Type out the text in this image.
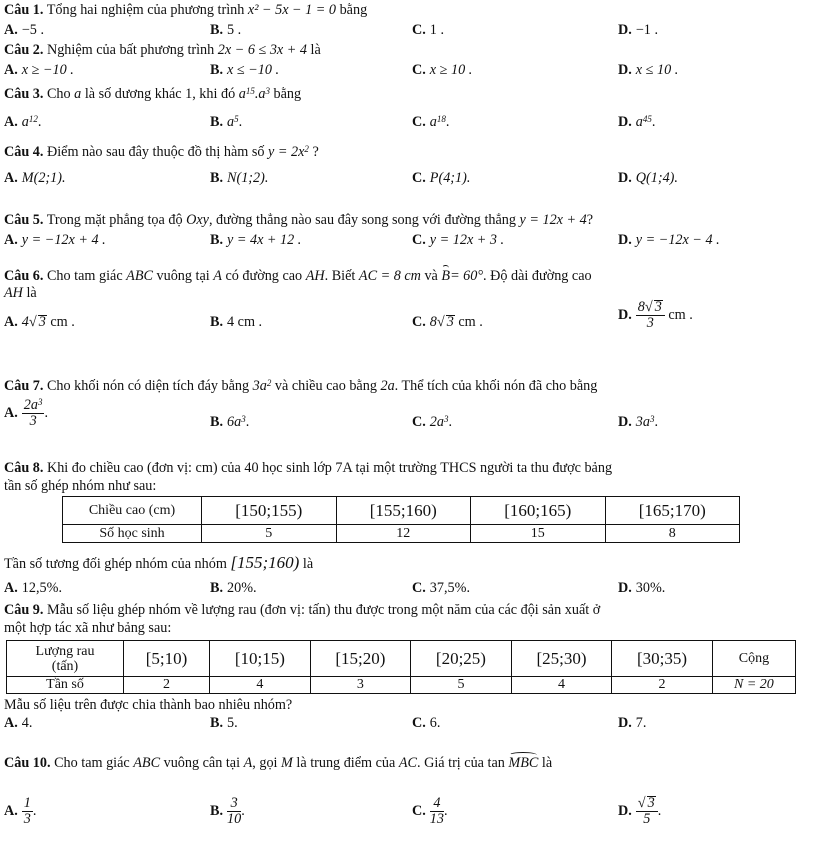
Câu 1. Tổng hai nghiệm của phương trình x² − 5x − 1 = 0 bằng
A. −5 .	B. 5 .	C. 1 .	D. −1 .
Câu 2. Nghiệm của bất phương trình 2x − 6 ≤ 3x + 4 là
A. x ≥ −10 .	B. x ≤ −10 .	C. x ≥ 10 .	D. x ≤ 10 .
Câu 3. Cho a là số dương khác 1, khi đó $a^{15}.a^3$ bằng
A. $a^{12}$.	B. $a^5$.	C. $a^{18}$.	D. $a^{45}$.
Câu 4. Điểm nào sau đây thuộc đồ thị hàm số $y = 2x^2$ ?
A. M(2;1).	B. N(1;2).	C. P(4;1).	D. Q(1;4).
Câu 5. Trong mặt phẳng tọa độ Oxy, đường thẳng nào sau đây song song với đường thẳng y = 12x + 4?
A. y = −12x + 4 .	B. y = 4x + 12 .	C. y = 12x + 3 .	D. y = −12x − 4 .
Câu 6. Cho tam giác ABC vuông tại A có đường cao AH. Biết AC = 8 cm và B= 60°. Độ dài đường cao
AH là
A. 4√ 3 cm .	B. 4 cm .	C. 8√ 3 cm .	D. $\frac{8√ 3}{3}$ cm .
Câu 7. Cho khối nón có diện tích đáy bằng $3a^2$ và chiều cao bằng 2a. Thể tích của khối nón đã cho bằng
A. $\frac{2a^3}{3}$ .
B. $6a^3$.	C. $2a^3$.	D. $3a^3$.
Câu 8. Khi đo chiều cao (đơn vị: cm) của 40 học sinh lớp 7A tại một trường THCS người ta thu được bảng
tần số ghép nhóm như sau:
Chiều cao (cm)	[150;155)	[155;160)	[160;165)	[165;170)
Số học sinh	5	12	15	8
Tần số tương đối ghép nhóm của nhóm [155;160) là
A. 12,5%.	B. 20%.	C. 37,5%.	D. 30%.
Câu 9. Mẫu số liệu ghép nhóm về lượng rau (đơn vị: tấn) thu được trong một năm của các đội sản xuất ở
một hợp tác xã như bảng sau:
Lượng rau
(tấn)	[5;10)	[10;15)	[15;20)	[20;25)	[25;30)	[30;35)	Cộng
Tần số	2	4	3	5	4	2	N = 20
Mẫu số liệu trên được chia thành bao nhiêu nhóm?
A. 4.	B. 5.	C. 6.	D. 7.
Câu 10. Cho tam giác ABC vuông cân tại A, gọi M là trung điểm của AC. Giá trị của tan MBC là
A. $\frac{1}{3}$ .	B. $\frac{3}{10}$ .	C. $\frac{4}{13}$ .	D. $\frac{√ 3}{5}$ .
